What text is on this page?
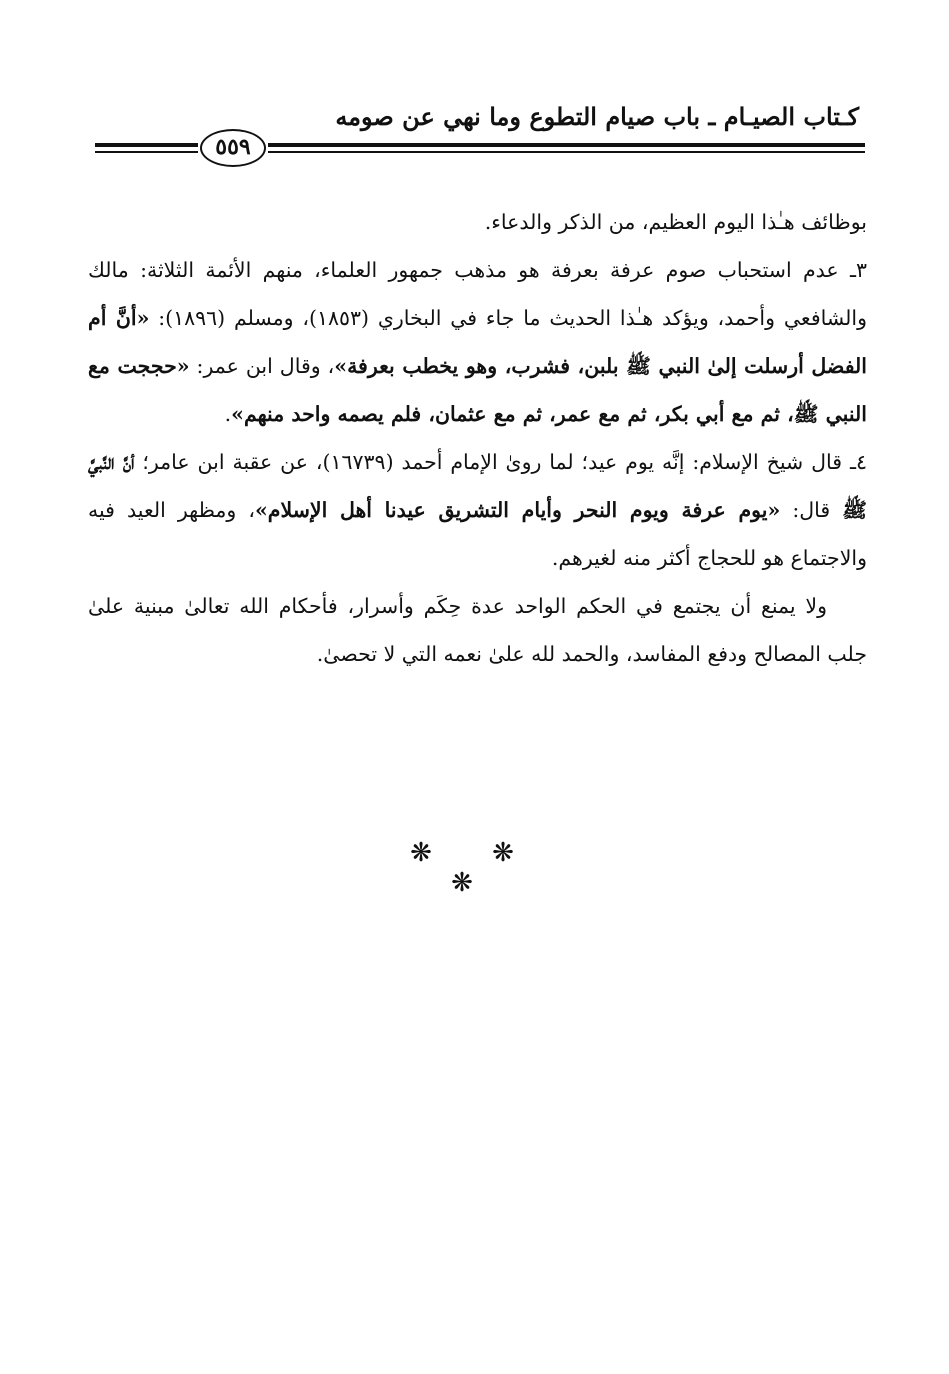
كـتاب الصيـام ـ باب صيام التطوع وما نهي عن صومه
٥٥٩

بوظائف هـٰذا اليوم العظيم، من الذكر والدعاء.

٣ـ عدم استحباب صوم عرفة بعرفة هو مذهب جمهور العلماء، منهم الأئمة الثلاثة: مالك والشافعي وأحمد، ويؤكد هـٰذا الحديث ما جاء في البخاري (١٨٥٣)، ومسلم (١٨٩٦): «أنَّ أم الفضل أرسلت إلىٰ النبي ﷺ بلبن، فشرب، وهو يخطب بعرفة»، وقال ابن عمر: «حججت مع النبي ﷺ، ثم مع أبي بكر، ثم مع عمر، ثم مع عثمان، فلم يصمه واحد منهم».

٤ـ قال شيخ الإسلام: إنَّه يوم عيد؛ لما روىٰ الإمام أحمد (١٦٧٣٩)، عن عقبة ابن عامر؛ أنَّ النَّبيَّ ﷺ قال: «يوم عرفة ويوم النحر وأيام التشريق عيدنا أهل الإسلام»، ومظهر العيد فيه والاجتماع هو للحجاج أكثر منه لغيرهم.

ولا يمنع أن يجتمع في الحكم الواحد عدة حِكَم وأسرار، فأحكام الله تعالىٰ مبنية علىٰ جلب المصالح ودفع المفاسد، والحمد لله علىٰ نعمه التي لا تحصىٰ.

❋ ❋ ❋
